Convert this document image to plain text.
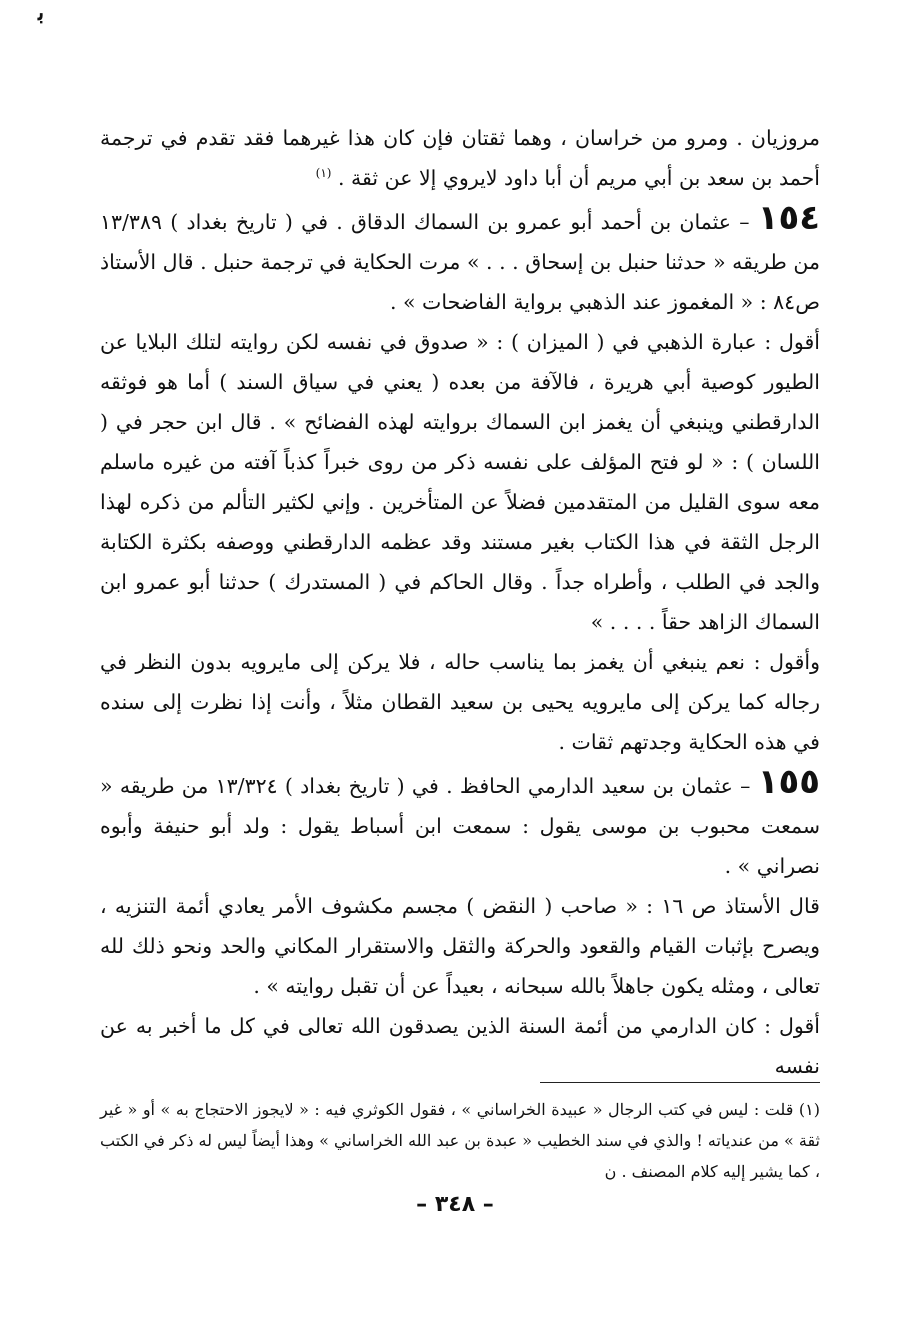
ﺑ

مروزيان . ومرو من خراسان ، وهما ثقتان فإن كان هذا غيرهما فقد تقدم في ترجمة أحمد بن سعد بن أبي مريم أن أبا داود لايروي إلا عن ثقة . $^{(١)}$

١٥٤ – عثمان بن أحمد أبو عمرو بن السماك الدقاق . في ( تاريخ بغداد ) ١٣/٣٨٩ من طريقه « حدثنا حنبل بن إسحاق . . . » مرت الحكاية في ترجمة حنبل . قال الأستاذ ص٨٤ : « المغموز عند الذهبي برواية الفاضحات » .

أقول : عبارة الذهبي في ( الميزان ) : « صدوق في نفسه لكن روايته لتلك البلايا عن الطيور كوصية أبي هريرة ، فالآفة من بعده ( يعني في سياق السند ) أما هو فوثقه الدارقطني وينبغي أن يغمز ابن السماك بروايته لهذه الفضائح » . قال ابن حجر في ( اللسان ) : « لو فتح المؤلف على نفسه ذكر من روى خبراً كذباً آفته من غيره ماسلم معه سوى القليل من المتقدمين فضلاً عن المتأخرين . وإني لكثير التألم من ذكره لهذا الرجل الثقة في هذا الكتاب بغير مستند وقد عظمه الدارقطني ووصفه بكثرة الكتابة والجد في الطلب ، وأطراه جداً . وقال الحاكم في ( المستدرك ) حدثنا أبو عمرو ابن السماك الزاهد حقاً . . . . »

وأقول : نعم ينبغي أن يغمز بما يناسب حاله ، فلا يركن إلى مايرويه بدون النظر في رجاله كما يركن إلى مايرويه يحيى بن سعيد القطان مثلاً ، وأنت إذا نظرت إلى سنده في هذه الحكاية وجدتهم ثقات .

١٥٥ – عثمان بن سعيد الدارمي الحافظ . في ( تاريخ بغداد ) ١٣/٣٢٤ من طريقه « سمعت محبوب بن موسى يقول : سمعت ابن أسباط يقول : ولد أبو حنيفة وأبوه نصراني » .

قال الأستاذ ص ١٦ : « صاحب ( النقض ) مجسم مكشوف الأمر يعادي أئمة التنزيه ، ويصرح بإثبات القيام والقعود والحركة والثقل والاستقرار المكاني والحد ونحو ذلك لله تعالى ، ومثله يكون جاهلاً بالله سبحانه ، بعيداً عن أن تقبل روايته » .

أقول : كان الدارمي من أئمة السنة الذين يصدقون الله تعالى في كل ما أخبر به عن نفسه

(١) قلت : ليس في كتب الرجال « عبيدة الخراساني » ، فقول الكوثري فيه : « لايجوز الاحتجاج به » أو « غير ثقة » من عندياته ! والذي في سند الخطيب « عبدة بن عبد الله الخراساني » وهذا أيضاً ليس له ذكر في الكتب ، كما يشير إليه كلام المصنف . ن

– ٣٤٨ –
